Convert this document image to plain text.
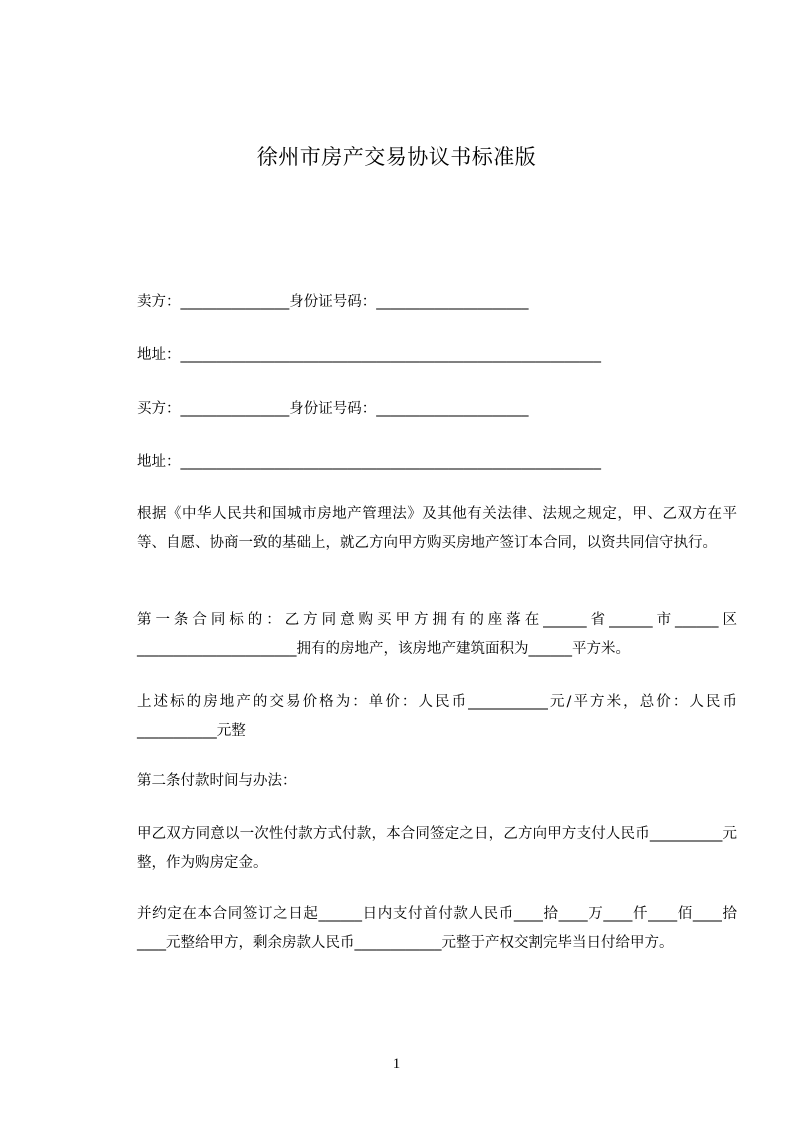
徐州市房产交易协议书标准版
卖方：_______________身份证号码：_____________________
地址：__________________________________________________________
买方：_______________身份证号码：_____________________
地址：__________________________________________________________
根据《中华人民共和国城市房地产管理法》及其他有关法律、法规之规定，甲、乙双方在平等、自愿、协商一致的基础上，就乙方向甲方购买房地产签订本合同，以资共同信守执行。
第一条合同标的：乙方同意购买甲方拥有的座落在______省______市______区______________________拥有的房地产，该房地产建筑面积为______平方米。
上述标的房地产的交易价格为：单价：人民币___________元/平方米，总价：人民币___________元整
第二条付款时间与办法：
甲乙双方同意以一次性付款方式付款，本合同签定之日，乙方向甲方支付人民币__________元整，作为购房定金。
并约定在本合同签订之日起______日内支付首付款人民币____拾____万____仟____佰____拾____元整给甲方，剩余房款人民币____________元整于产权交割完毕当日付给甲方。
1
